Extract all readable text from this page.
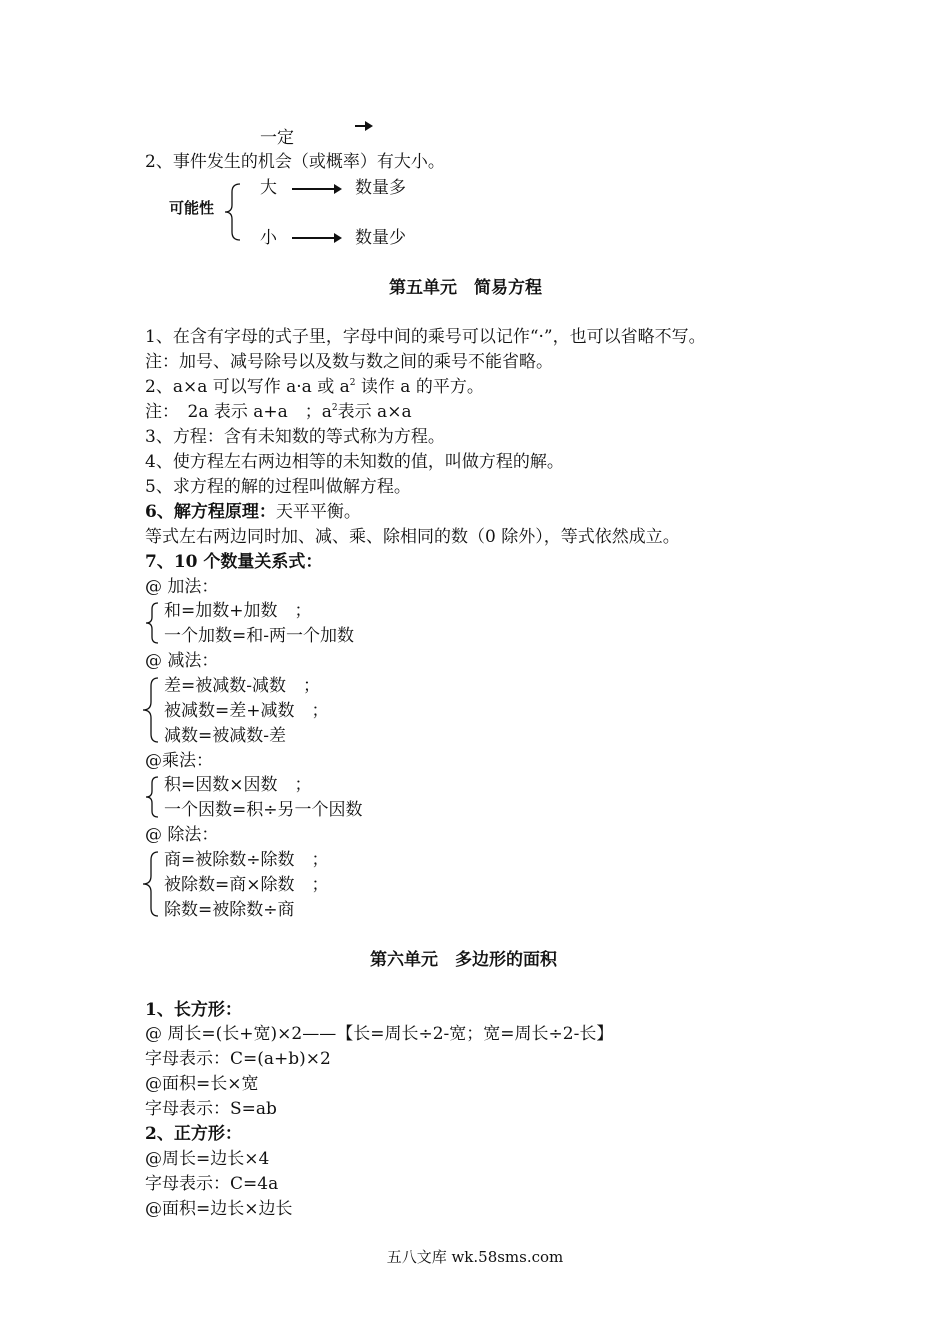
一定
2、事件发生的机会（或概率）有大小。
可能性
大	数量多
小	数量少
第五单元　简易方程
1、在含有字母的式子里，字母中间的乘号可以记作“·”，也可以省略不写。
注：加号、减号除号以及数与数之间的乘号不能省略。
2、a×a 可以写作 a·a 或 $a^2$ 读作 a 的平方。
注：　2a 表示 a+a　；$a^2$表示 a×a
3、方程：含有未知数的等式称为方程。
4、使方程左右两边相等的未知数的值，叫做方程的解。
5、求方程的解的过程叫做解方程。
6、解方程原理：天平平衡。
等式左右两边同时加、减、乘、除相同的数（0 除外），等式依然成立。
7、10 个数量关系式：
@ 加法：
和=加数+加数　；
一个加数=和-两一个加数
@ 减法：
差=被减数-减数　；
被减数=差+减数　；
减数=被减数-差
@乘法：
积=因数×因数　；
一个因数=积÷另一个因数
@ 除法：
商=被除数÷除数　；
被除数=商×除数　；
除数=被除数÷商
第六单元　多边形的面积
1、长方形：
@ 周长=(长+宽)×2——【长=周长÷2-宽；宽=周长÷2-长】
字母表示：C=(a+b)×2
@面积=长×宽
字母表示：S=ab
2、正方形：
@周长=边长×4
字母表示：C=4a
@面积=边长×边长
五八文库 wk.58sms.com
